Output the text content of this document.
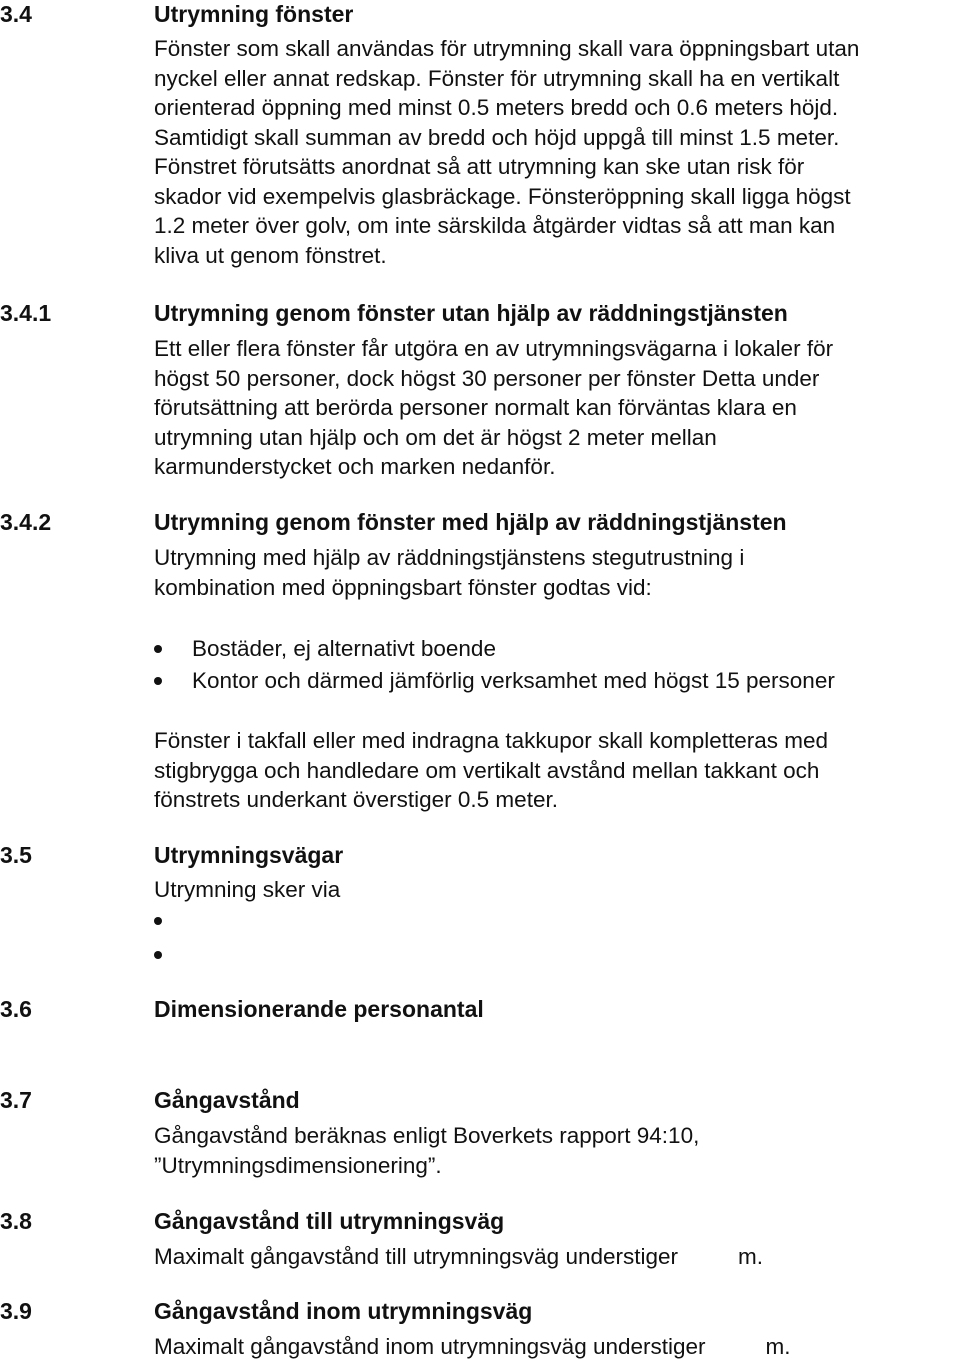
3.4	Utrymning fönster
Fönster som skall användas för utrymning skall vara öppningsbart utan
nyckel eller annat redskap. Fönster för utrymning skall ha en vertikalt
orienterad öppning med minst 0.5 meters bredd och 0.6 meters höjd.
Samtidigt skall summan av bredd och höjd uppgå till minst 1.5 meter.
Fönstret förutsätts anordnat så att utrymning kan ske utan risk för
skador vid exempelvis glasbräckage. Fönsteröppning skall ligga högst
1.2 meter över golv, om inte särskilda åtgärder vidtas så att man kan
kliva ut genom fönstret.
3.4.1	Utrymning genom fönster utan hjälp av räddningstjänsten
Ett eller flera fönster får utgöra en av utrymningsvägarna i lokaler för
högst 50 personer, dock högst 30 personer per fönster Detta under
förutsättning att berörda personer normalt kan förväntas klara en
utrymning utan hjälp och om det är högst 2 meter mellan
karmunderstycket och marken nedanför.
3.4.2	Utrymning genom fönster med hjälp av räddningstjänsten
Utrymning med hjälp av räddningstjänstens stegutrustning i
kombination med öppningsbart fönster godtas vid:
Bostäder, ej alternativt boende
Kontor och därmed jämförlig verksamhet med högst 15 personer
Fönster i takfall eller med indragna takkupor skall kompletteras med
stigbrygga och handledare om vertikalt avstånd mellan takkant och
fönstrets underkant överstiger 0.5 meter.
3.5	Utrymningsvägar
Utrymning sker via
3.6	Dimensionerande personantal
3.7	Gångavstånd
Gångavstånd beräknas enligt Boverkets rapport 94:10,
”Utrymningsdimensionering”.
3.8	Gångavstånd till utrymningsväg
Maximalt gångavstånd till utrymningsväg understiger	m.
3.9	Gångavstånd inom utrymningsväg
Maximalt gångavstånd inom utrymningsväg understiger	m.
